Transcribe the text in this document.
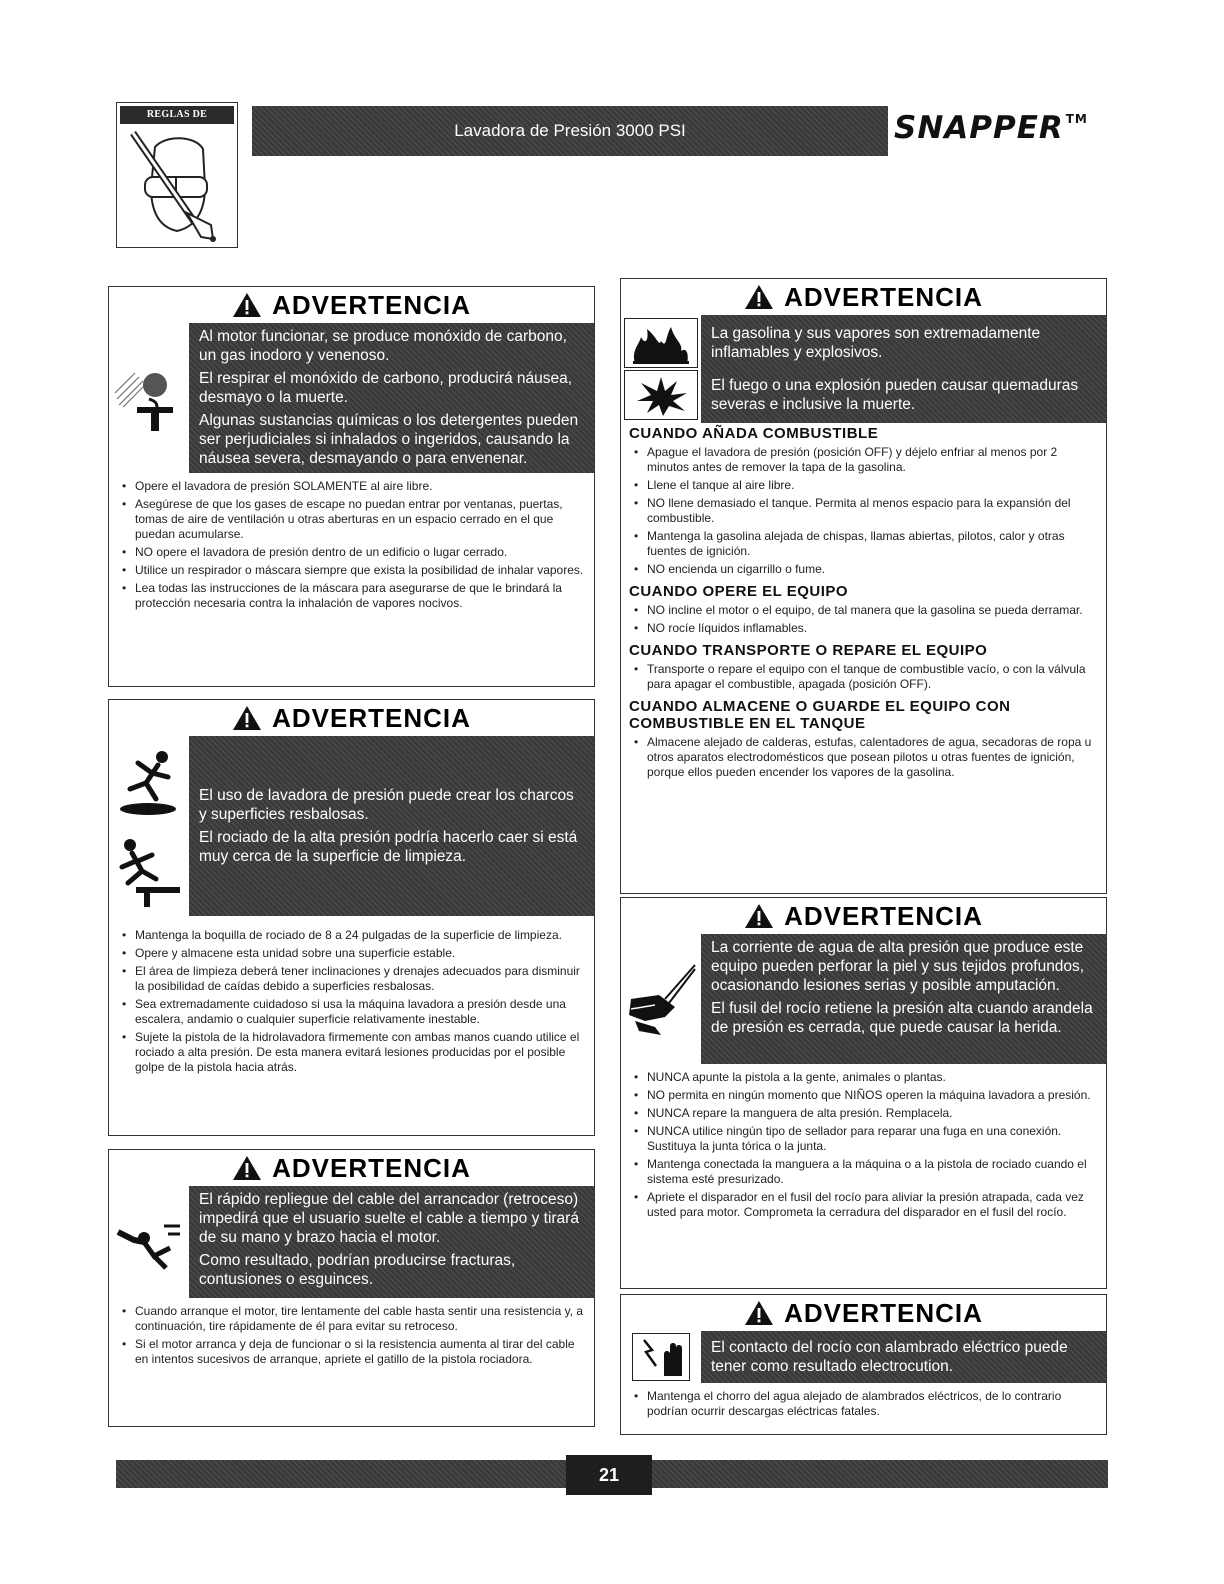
REGLAS DE SEGURIDAD	Lavadora de Presión 3000 PSI	SNAPPER ™
ADVERTENCIA

Al motor funcionar, se produce monóxido de carbono, un gas inodoro y venenoso.

El respirar el monóxido de carbono, producirá náusea, desmayo o la muerte.

Algunas sustancias químicas o los detergentes pueden ser perjudiciales si inhalados o ingeridos, causando la náusea severa, desmayando o para envenenar.

• Opere el lavadora de presión SOLAMENTE al aire libre.
• Asegúrese de que los gases de escape no puedan entrar por ventanas, puertas, tomas de aire de ventilación u otras aberturas en un espacio cerrado en el que puedan acumularse.
• NO opere el lavadora de presión dentro de un edificio o lugar cerrado.
• Utilice un respirador o máscara siempre que exista la posibilidad de inhalar vapores.
• Lea todas las instrucciones de la máscara para asegurarse de que le brindará la protección necesaria contra la inhalación de vapores nocivos.
ADVERTENCIA

El uso de lavadora de presión puede crear los charcos y superficies resbalosas.

El rociado de la alta presión podría hacerlo caer si está muy cerca de la superficie de limpieza.

• Mantenga la boquilla de rociado de 8 a 24 pulgadas de la superficie de limpieza.
• Opere y almacene esta unidad sobre una superficie estable.
• El área de limpieza deberá tener inclinaciones y drenajes adecuados para disminuir la posibilidad de caídas debido a superficies resbalosas.
• Sea extremadamente cuidadoso si usa la máquina lavadora a presión desde una escalera, andamio o cualquier superficie relativamente inestable.
• Sujete la pistola de la hidrolavadora firmemente con ambas manos cuando utilice el rociado a alta presión. De esta manera evitará lesiones producidas por el posible golpe de la pistola hacia atrás.
ADVERTENCIA

El rápido repliegue del cable del arrancador (retroceso) impedirá que el usuario suelte el cable a tiempo y tirará de su mano y brazo hacia el motor.

Como resultado, podrían producirse fracturas, contusiones o esguinces.

• Cuando arranque el motor, tire lentamente del cable hasta sentir una resistencia y, a continuación, tire rápidamente de él para evitar su retroceso.
• Si el motor arranca y deja de funcionar o si la resistencia aumenta al tirar del cable en intentos sucesivos de arranque, apriete el gatillo de la pistola rociadora.
ADVERTENCIA

La gasolina y sus vapores son extremadamente inflamables y explosivos.

El fuego o una explosión pueden causar quemaduras severas e inclusive la muerte.

CUANDO AÑADA COMBUSTIBLE
• Apague el lavadora de presión (posición OFF) y déjelo enfriar al menos por 2 minutos antes de remover la tapa de la gasolina.
• Llene el tanque al aire libre.
• NO llene demasiado el tanque. Permita al menos espacio para la expansión del combustible.
• Mantenga la gasolina alejada de chispas, llamas abiertas, pilotos, calor y otras fuentes de ignición.
• NO encienda un cigarrillo o fume.
CUANDO OPERE EL EQUIPO
• NO incline el motor o el equipo, de tal manera que la gasolina se pueda derramar.
• NO rocíe líquidos inflamables.
CUANDO TRANSPORTE O REPARE EL EQUIPO
• Transporte o repare el equipo con el tanque de combustible vacío, o con la válvula para apagar el combustible, apagada (posición OFF).
CUANDO ALMACENE O GUARDE EL EQUIPO CON COMBUSTIBLE EN EL TANQUE
• Almacene alejado de calderas, estufas, calentadores de agua, secadoras de ropa u otros aparatos electrodomésticos que posean pilotos u otras fuentes de ignición, porque ellos pueden encender los vapores de la gasolina.
ADVERTENCIA

La corriente de agua de alta presión que produce este equipo pueden perforar la piel y sus tejidos profundos, ocasionando lesiones serias y posible amputación.

El fusil del rocío retiene la presión alta cuando arandela de presión es cerrada, que puede causar la herida.

• NUNCA apunte la pistola a la gente, animales o plantas.
• NO permita en ningún momento que NIÑOS operen la máquina lavadora a presión.
• NUNCA repare la manguera de alta presión. Remplacela.
• NUNCA utilice ningún tipo de sellador para reparar una fuga en una conexión. Sustituya la junta tórica o la junta.
• Mantenga conectada la manguera a la máquina o a la pistola de rociado cuando el sistema esté presurizado.
• Apriete el disparador en el fusil del rocío para aliviar la presión atrapada, cada vez usted para motor. Comprometa la cerradura del disparador en el fusil del rocío.
ADVERTENCIA

El contacto del rocío con alambrado eléctrico puede tener como resultado electrocution.

• Mantenga el chorro del agua alejado de alambrados eléctricos, de lo contrario podrían ocurrir descargas eléctricas fatales.
21
